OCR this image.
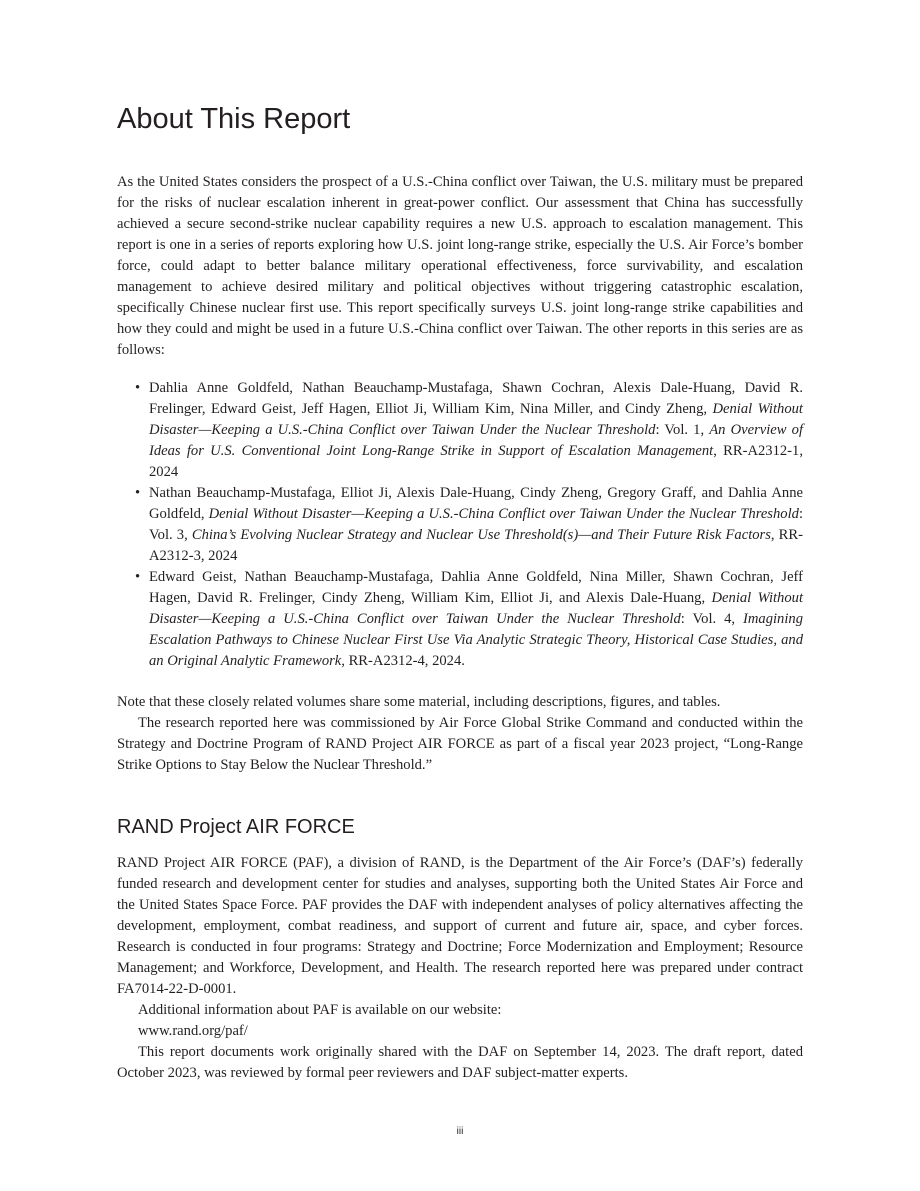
About This Report

As the United States considers the prospect of a U.S.-China conflict over Taiwan, the U.S. military must be prepared for the risks of nuclear escalation inherent in great-power conflict. Our assessment that China has successfully achieved a secure second-strike nuclear capability requires a new U.S. approach to escalation management. This report is one in a series of reports exploring how U.S. joint long-range strike, especially the U.S. Air Force’s bomber force, could adapt to better balance military operational effectiveness, force survivability, and escalation management to achieve desired military and political objectives without triggering catastrophic escalation, specifically Chinese nuclear first use. This report specifically surveys U.S. joint long-range strike capabilities and how they could and might be used in a future U.S.-China conflict over Taiwan. The other reports in this series are as follows:

• Dahlia Anne Goldfeld, Nathan Beauchamp-Mustafaga, Shawn Cochran, Alexis Dale-Huang, David R. Frelinger, Edward Geist, Jeff Hagen, Elliot Ji, William Kim, Nina Miller, and Cindy Zheng, Denial Without Disaster—Keeping a U.S.-China Conflict over Taiwan Under the Nuclear Threshold: Vol. 1, An Overview of Ideas for U.S. Conventional Joint Long-Range Strike in Support of Escalation Management, RR-A2312-1, 2024
• Nathan Beauchamp-Mustafaga, Elliot Ji, Alexis Dale-Huang, Cindy Zheng, Gregory Graff, and Dahlia Anne Goldfeld, Denial Without Disaster—Keeping a U.S.-China Conflict over Taiwan Under the Nuclear Threshold: Vol. 3, China’s Evolving Nuclear Strategy and Nuclear Use Threshold(s)—and Their Future Risk Factors, RR-A2312-3, 2024
• Edward Geist, Nathan Beauchamp-Mustafaga, Dahlia Anne Goldfeld, Nina Miller, Shawn Cochran, Jeff Hagen, David R. Frelinger, Cindy Zheng, William Kim, Elliot Ji, and Alexis Dale-Huang, Denial Without Disaster—Keeping a U.S.-China Conflict over Taiwan Under the Nuclear Threshold: Vol. 4, Imagining Escalation Pathways to Chinese Nuclear First Use Via Analytic Strategic Theory, Historical Case Studies, and an Original Analytic Framework, RR-A2312-4, 2024.

Note that these closely related volumes share some material, including descriptions, figures, and tables.

The research reported here was commissioned by Air Force Global Strike Command and conducted within the Strategy and Doctrine Program of RAND Project AIR FORCE as part of a fiscal year 2023 project, “Long-Range Strike Options to Stay Below the Nuclear Threshold.”

RAND Project AIR FORCE

RAND Project AIR FORCE (PAF), a division of RAND, is the Department of the Air Force’s (DAF’s) federally funded research and development center for studies and analyses, supporting both the United States Air Force and the United States Space Force. PAF provides the DAF with independent analyses of policy alternatives affecting the development, employment, combat readiness, and support of current and future air, space, and cyber forces. Research is conducted in four programs: Strategy and Doctrine; Force Modernization and Employment; Resource Management; and Workforce, Development, and Health. The research reported here was prepared under contract FA7014-22-D-0001.

Additional information about PAF is available on our website:

www.rand.org/paf/

This report documents work originally shared with the DAF on September 14, 2023. The draft report, dated October 2023, was reviewed by formal peer reviewers and DAF subject-matter experts.

iii
